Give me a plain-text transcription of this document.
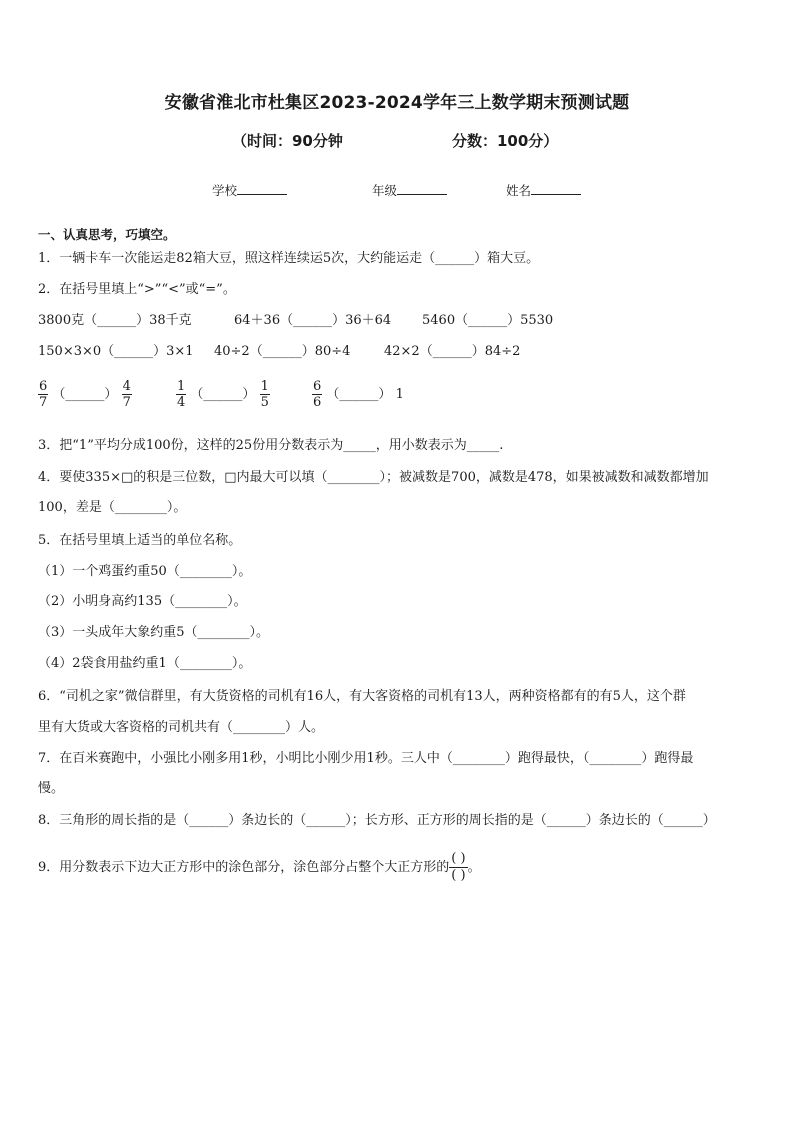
安徽省淮北市杜集区2023-2024学年三上数学期末预测试题
（时间：90分钟	分数：100分）
学校	年级	姓名
一、认真思考，巧填空。
1．一辆卡车一次能运走82箱大豆，照这样连续运5次，大约能运走（______）箱大豆。
2．在括号里填上“>”“<”或“=”。
3800克（______）38千克	64＋36（______）36＋64 5460（______）5530
150×3×0（______）3×1 40÷2（______）80÷4	42×2（______）84÷2
$\frac{6}{7}$ （______） $\frac{4}{7}$	$\frac{1}{4}$ （______） $\frac{1}{5}$	$\frac{6}{6}$ （______） 1
3．把“1”平均分成100份，这样的25份用分数表示为_____，用小数表示为_____.
4．要使335×□的积是三位数，□内最大可以填（________）；被减数是700，减数是478，如果被减数和减数都增加
100，差是（________）。
5．在括号里填上适当的单位名称。
（1）一个鸡蛋约重50（________）。
（2）小明身高约135（________）。
（3）一头成年大象约重5（________）。
（4）2袋食用盐约重1（________）。
6．“司机之家”微信群里，有大货资格的司机有16人，有大客资格的司机有13人，两种资格都有的有5人，这个群
里有大货或大客资格的司机共有（________）人。
7．在百米赛跑中，小强比小刚多用1秒，小明比小刚少用1秒。三人中（________）跑得最快，（________）跑得最
慢。
8．三角形的周长指的是（______）条边长的（______）；长方形、正方形的周长指的是（______）条边长的（______）
9．用分数表示下边大正方形中的涂色部分，涂色部分占整个大正方形的
( )
( )
。
